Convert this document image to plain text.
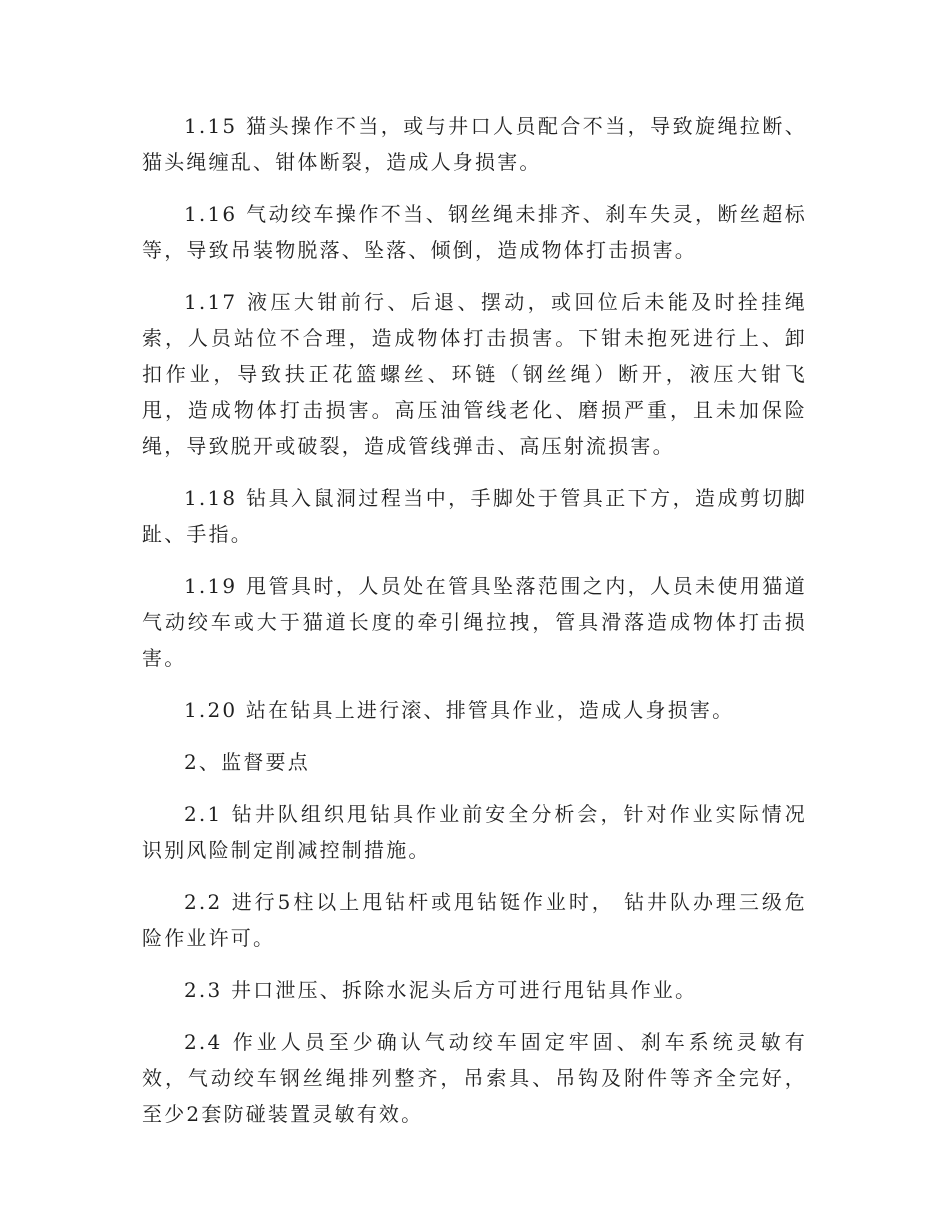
1.15 猫头操作不当，或与井口人员配合不当，导致旋绳拉断、猫头绳缠乱、钳体断裂，造成人身损害。

1.16 气动绞车操作不当、钢丝绳未排齐、刹车失灵，断丝超标等，导致吊装物脱落、坠落、倾倒，造成物体打击损害。

1.17 液压大钳前行、后退、摆动，或回位后未能及时拴挂绳索，人员站位不合理，造成物体打击损害。下钳未抱死进行上、卸扣作业，导致扶正花篮螺丝、环链（钢丝绳）断开，液压大钳飞甩，造成物体打击损害。高压油管线老化、磨损严重，且未加保险绳，导致脱开或破裂，造成管线弹击、高压射流损害。

1.18 钻具入鼠洞过程当中，手脚处于管具正下方，造成剪切脚趾、手指。

1.19 甩管具时，人员处在管具坠落范围之内，人员未使用猫道气动绞车或大于猫道长度的牵引绳拉拽，管具滑落造成物体打击损害。

1.20 站在钻具上进行滚、排管具作业，造成人身损害。

2、监督要点

2.1 钻井队组织甩钻具作业前安全分析会，针对作业实际情况识别风险制定削减控制措施。

2.2 进行5柱以上甩钻杆或甩钻铤作业时， 钻井队办理三级危险作业许可。

2.3 井口泄压、拆除水泥头后方可进行甩钻具作业。

2.4 作业人员至少确认气动绞车固定牢固、刹车系统灵敏有效，气动绞车钢丝绳排列整齐，吊索具、吊钩及附件等齐全完好，至少2套防碰装置灵敏有效。
